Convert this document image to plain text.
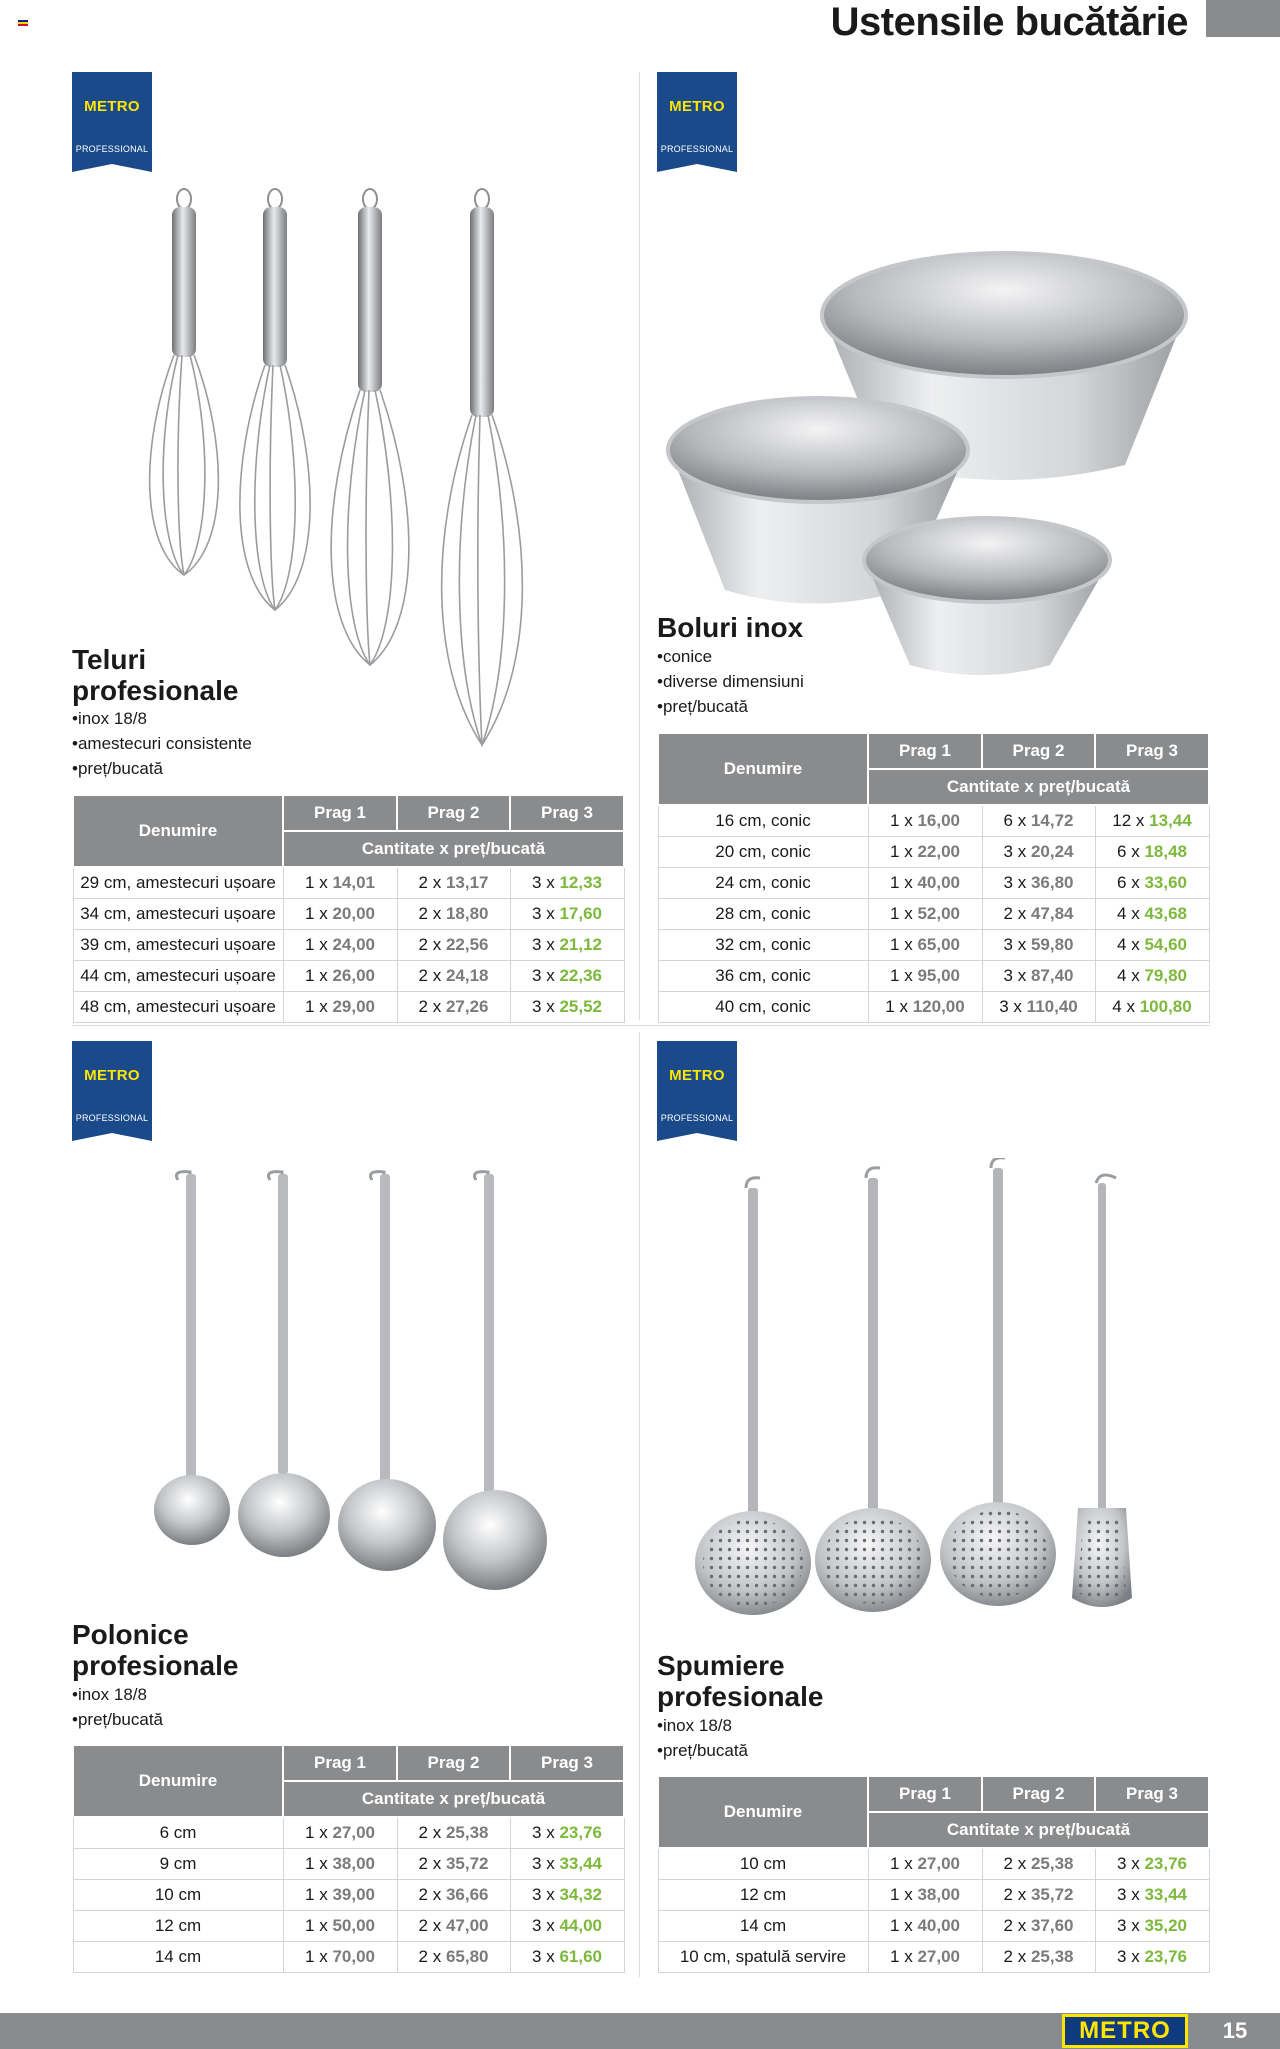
Ustensile bucătărie
METRO
PROFESSIONAL
Teluri
profesionale
• inox 18/8
• amestecuri consistente
• preț/bucată
Denumire	Prag 1	Prag 2	Prag 3
	Cantitate x preț/bucată		
29 cm, amestecuri ușoare	1 x 14,01	2 x 13,17	3 x 12,33
34 cm, amestecuri ușoare	1 x 20,00	2 x 18,80	3 x 17,60
39 cm, amestecuri ușoare	1 x 24,00	2 x 22,56	3 x 21,12
44 cm, amestecuri ușoare	1 x 26,00	2 x 24,18	3 x 22,36
48 cm, amestecuri ușoare	1 x 29,00	2 x 27,26	3 x 25,52
METRO
PROFESSIONAL
Boluri inox
• conice
• diverse dimensiuni
• preț/bucată
Denumire	Prag 1	Prag 2	Prag 3
	Cantitate x preț/bucată		
16 cm, conic	1 x 16,00	6 x 14,72	12 x 13,44
20 cm, conic	1 x 22,00	3 x 20,24	6 x 18,48
24 cm, conic	1 x 40,00	3 x 36,80	6 x 33,60
28 cm, conic	1 x 52,00	2 x 47,84	4 x 43,68
32 cm, conic	1 x 65,00	3 x 59,80	4 x 54,60
36 cm, conic	1 x 95,00	3 x 87,40	4 x 79,80
40 cm, conic	1 x 120,00	3 x 110,40	4 x 100,80
METRO
PROFESSIONAL
Polonice
profesionale
• inox 18/8
• preț/bucată
Denumire	Prag 1	Prag 2	Prag 3
	Cantitate x preț/bucată		
6 cm	1 x 27,00	2 x 25,38	3 x 23,76
9 cm	1 x 38,00	2 x 35,72	3 x 33,44
10 cm	1 x 39,00	2 x 36,66	3 x 34,32
12 cm	1 x 50,00	2 x 47,00	3 x 44,00
14 cm	1 x 70,00	2 x 65,80	3 x 61,60
METRO
PROFESSIONAL
Spumiere
profesionale
• inox 18/8
• preț/bucată
Denumire	Prag 1	Prag 2	Prag 3
	Cantitate x preț/bucată		
10 cm	1 x 27,00	2 x 25,38	3 x 23,76
12 cm	1 x 38,00	2 x 35,72	3 x 33,44
14 cm	1 x 40,00	2 x 37,60	3 x 35,20
10 cm, spatulă servire	1 x 27,00	2 x 25,38	3 x 23,76
METRO	15
